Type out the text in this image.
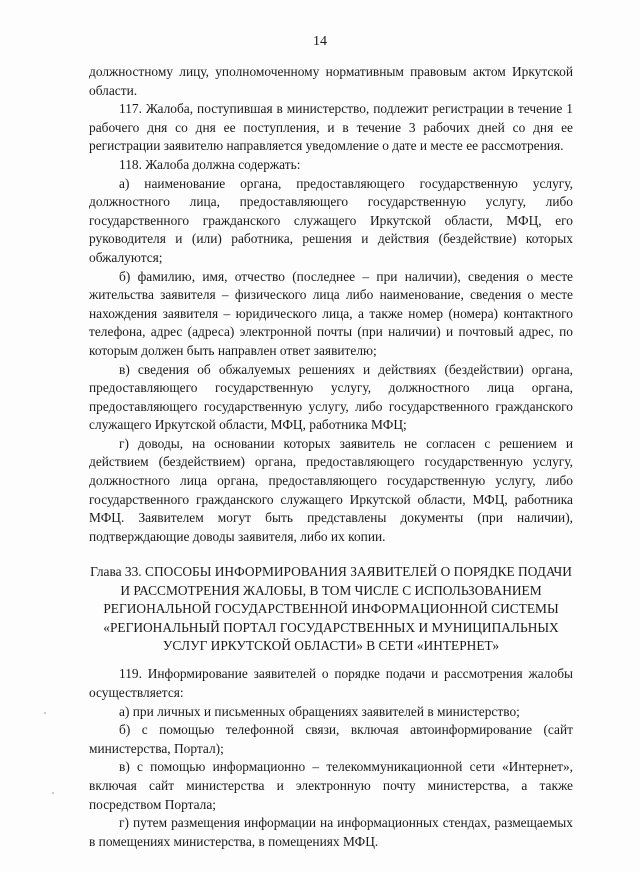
14

должностному лицу, уполномоченному нормативным правовым актом Иркутской области.

117. Жалоба, поступившая в министерство, подлежит регистрации в течение 1 рабочего дня со дня ее поступления, и в течение 3 рабочих дней со дня ее регистрации заявителю направляется уведомление о дате и месте ее рассмотрения.

118. Жалоба должна содержать:

а) наименование органа, предоставляющего государственную услугу, должностного лица, предоставляющего государственную услугу, либо государственного гражданского служащего Иркутской области, МФЦ, его руководителя и (или) работника, решения и действия (бездействие) которых обжалуются;

б) фамилию, имя, отчество (последнее – при наличии), сведения о месте жительства заявителя – физического лица либо наименование, сведения о месте нахождения заявителя – юридического лица, а также номер (номера) контактного телефона, адрес (адреса) электронной почты (при наличии) и почтовый адрес, по которым должен быть направлен ответ заявителю;

в) сведения об обжалуемых решениях и действиях (бездействии) органа, предоставляющего государственную услугу, должностного лица органа, предоставляющего государственную услугу, либо государственного гражданского служащего Иркутской области, МФЦ, работника МФЦ;

г) доводы, на основании которых заявитель не согласен с решением и действием (бездействием) органа, предоставляющего государственную услугу, должностного лица органа, предоставляющего государственную услугу, либо государственного гражданского служащего Иркутской области, МФЦ, работника МФЦ. Заявителем могут быть представлены документы (при наличии), подтверждающие доводы заявителя, либо их копии.

Глава 33. СПОСОБЫ ИНФОРМИРОВАНИЯ ЗАЯВИТЕЛЕЙ О ПОРЯДКЕ ПОДАЧИ И РАССМОТРЕНИЯ ЖАЛОБЫ, В ТОМ ЧИСЛЕ С ИСПОЛЬЗОВАНИЕМ РЕГИОНАЛЬНОЙ ГОСУДАРСТВЕННОЙ ИНФОРМАЦИОННОЙ СИСТЕМЫ «РЕГИОНАЛЬНЫЙ ПОРТАЛ ГОСУДАРСТВЕННЫХ И МУНИЦИПАЛЬНЫХ УСЛУГ ИРКУТСКОЙ ОБЛАСТИ» В СЕТИ «ИНТЕРНЕТ»

119. Информирование заявителей о порядке подачи и рассмотрения жалобы осуществляется:

а) при личных и письменных обращениях заявителей в министерство;

б) с помощью телефонной связи, включая автоинформирование (сайт министерства, Портал);

в) с помощью информационно – телекоммуникационной сети «Интернет», включая сайт министерства и электронную почту министерства, а также посредством Портала;

г) путем размещения информации на информационных стендах, размещаемых в помещениях министерства, в помещениях МФЦ.
